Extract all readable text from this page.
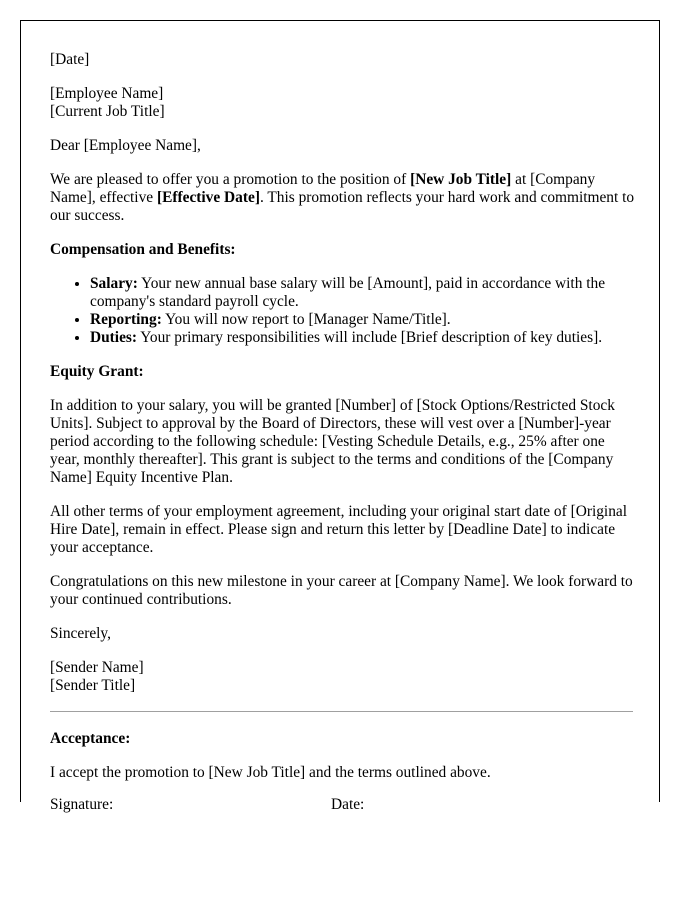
[Date]

[Employee Name]
[Current Job Title]

Dear [Employee Name],

We are pleased to offer you a promotion to the position of [New Job Title] at [Company Name], effective [Effective Date]. This promotion reflects your hard work and commitment to our success.

Compensation and Benefits:

• Salary: Your new annual base salary will be [Amount], paid in accordance with the company's standard payroll cycle.
• Reporting: You will now report to [Manager Name/Title].
• Duties: Your primary responsibilities will include [Brief description of key duties].

Equity Grant:

In addition to your salary, you will be granted [Number] of [Stock Options/Restricted Stock Units]. Subject to approval by the Board of Directors, these will vest over a [Number]-year period according to the following schedule: [Vesting Schedule Details, e.g., 25% after one year, monthly thereafter]. This grant is subject to the terms and conditions of the [Company Name] Equity Incentive Plan.

All other terms of your employment agreement, including your original start date of [Original Hire Date], remain in effect. Please sign and return this letter by [Deadline Date] to indicate your acceptance.

Congratulations on this new milestone in your career at [Company Name]. We look forward to your continued contributions.

Sincerely,

[Sender Name]
[Sender Title]

Acceptance:

I accept the promotion to [New Job Title] and the terms outlined above.

Signature:	Date:
